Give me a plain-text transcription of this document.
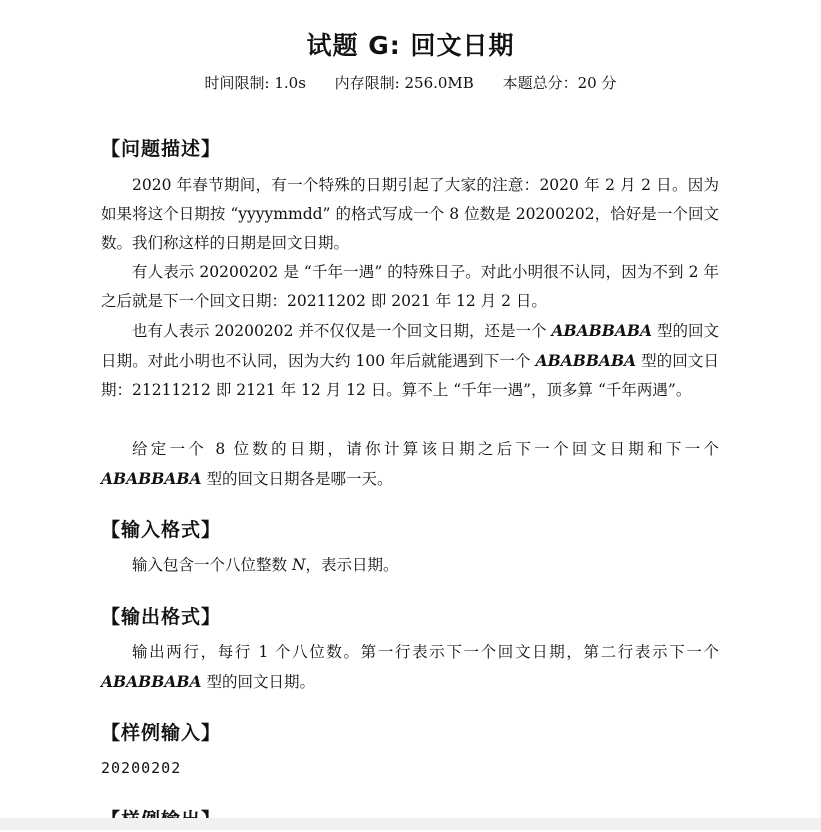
试题 G: 回文日期
时间限制: 1.0s 内存限制: 256.0MB 本题总分：20 分
【问题描述】

2020 年春节期间，有一个特殊的日期引起了大家的注意：2020 年 2 月 2 日。因为如果将这个日期按 “yyyymmdd” 的格式写成一个 8 位数是 20200202，恰好是一个回文数。我们称这样的日期是回文日期。

有人表示 20200202 是 “千年一遇” 的特殊日子。对此小明很不认同，因为不到 2 年之后就是下一个回文日期：20211202 即 2021 年 12 月 2 日。

也有人表示 20200202 并不仅仅是一个回文日期，还是一个 ABABBABA 型的回文日期。对此小明也不认同，因为大约 100 年后就能遇到下一个 ABABBABA 型的回文日期：21211212 即 2121 年 12 月 12 日。算不上 “千年一遇”，顶多算 “千年两遇”。

给定一个 8 位数的日期，请你计算该日期之后下一个回文日期和下一个 ABABBABA 型的回文日期各是哪一天。

【输入格式】

输入包含一个八位整数 N，表示日期。

【输出格式】

输出两行，每行 1 个八位数。第一行表示下一个回文日期，第二行表示下一个 ABABBABA 型的回文日期。

【样例输入】
20200202
